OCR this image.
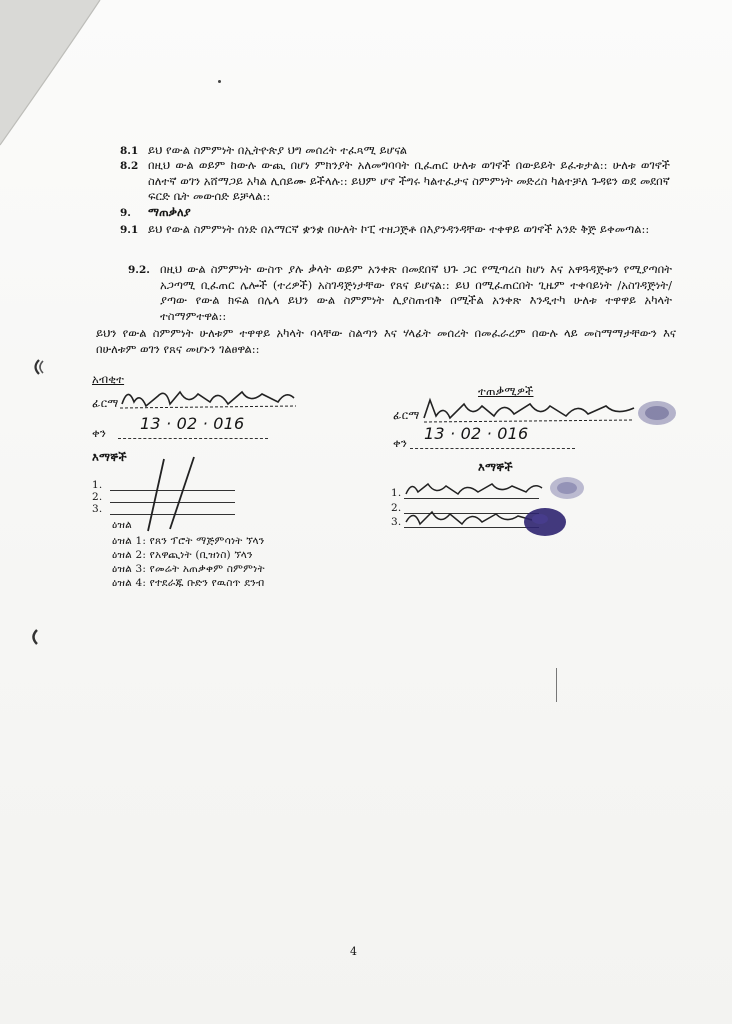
8.1 ይህ የውል ስምምነት በኢትዮጵያ ህግ መሰረት ተፈጻሚ ይሆናል
8.2 በዚህ ውል ወይም ከውሉ ውጪ በሆነ ምክንያት አለመግባባት ቢፈጠር ሁለቱ ወገኖች በውይይት ይፈቱታል:: ሁለቱ ወገኖች ስለተኛ ወገን አሸማጋይ አካል ሊሰይሙ ይችላሉ:: ይህም ሆኖ ችግሩ ካልተፈታና ስምምነት መድረስ ካልተቻለ ጉዳዩን ወደ መደበኛ ፍርድ ቤት መውሰድ ይቻላል::
9. ማጠቃለያ
9.1 ይህ የውል ስምምነት ሰነድ በአማርኛ ቋንቋ በሁለት ኮፒ ተዘጋጅቶ በእያንዳንዳቸው ተቀዋይ ወገኖች አንድ ቅጅ ይቀመጣል::
9.2. በዚህ ውል ስምምነት ውስጥ ያሉ ቃላት ወይም አንቀጽ በመደበኛ ህጉ ጋር የሚጣረስ ከሆነ እና አዋጓዳጅቱን የሚያጣበት አጋጣሚ ቢፈጠር ሌሎች (ተረዎች) አስገዳጅነታቸው የጸና ይሆናል:: ይህ በሚፈጠርበት ጊዜም ተቀባይነት /አስገዳጅነት/ ያጣው የውል ክፍል በሌላ ይህን ውል ስምምነት ሊያስጠብቅ በሚችል አንቀጽ እንዲተካ ሁለቱ ተዋዋይ አካላት ተስማምተዋል::
ይህን የውል ስምምነት ሁለቱም ተዋዋይ አካላት ባላቸው ስልጣን እና ሃላፊት መሰረት በመፈራረም በውሉ ላይ መስማማታቸውን እና በሁለቱም ወገን የጸና መሆኑን ገልፀዋል::
አብቂተ
ፊርማ
ቀን 13 · 02 · 016
እማኞች
1.
2.
3.
ዕዝል
ዕዝል 1: የጸን ፕሮት ማጅምሳነት ኘላን
ዕዝል 2: የአዋጪነት (ቢዝነስ) ኘላን
ዕዝል 3: የመሬት አጠቃቀም ስምምነት
ዕዝል 4: የተደራጁ ቡድን የዉስጥ ደንብ
ተጠቃሚዎች
ፊርማ
ቀን 13 · 02 · 016
እማኞች
1.
2.
3.
4
